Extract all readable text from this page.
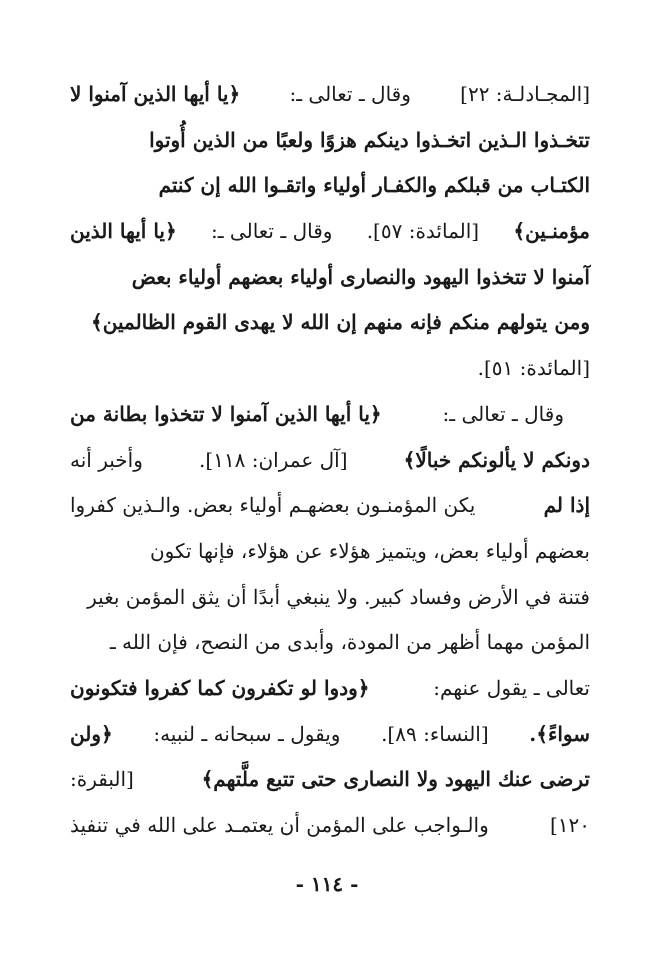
[المجـادلـة: ٢٢]
وقال ـ تعالى ـ:
﴿يا أيها الذين آمنوا لا
تتخـذوا الـذين اتخـذوا دينكم هزوًا ولعبًا من الذين أُوتوا
الكتـاب من قبلكم والكفـار أولياء واتقـوا الله إن كنتم
مؤمنـين﴾
[المائدة: ٥٧].
وقال ـ تعالى ـ:
﴿يا أيها الذين
آمنوا لا تتخذوا اليهود والنصارى أولياء بعضهم أولياء بعض
ومن يتولهم منكم فإنه منهم إن الله لا يهدى القوم الظالمين﴾
[المائدة: ٥١].
وقال ـ تعالى ـ:
﴿يا أيها الذين آمنوا لا تتخذوا بطانة من
دونكم لا يألونكم خبالًا﴾
[آل عمران: ١١٨].
وأخبر أنه
إذا لم
يكن المؤمنـون بعضهـم أولياء بعض. والـذين كفروا
بعضهم أولياء بعض، ويتميز هؤلاء عن هؤلاء، فإنها تكون
فتنة في الأرض وفساد كبير. ولا ينبغي أبدًا أن يثق المؤمن بغير
المؤمن مهما أظهر من المودة، وأبدى من النصح، فإن الله ـ
تعالى ـ يقول عنهم:
﴿ودوا لو تكفرون كما كفروا فتكونون
سواءً﴾.
[النساء: ٨٩].
ويقول ـ سبحانه ـ لنبيه:
﴿ولن
ترضى عنك اليهود ولا النصارى حتى تتبع ملَّتهم﴾
[البقرة:
١٢٠]
والـواجب على المؤمن أن يعتمـد على الله في تنفيذ
- ١١٤ -
